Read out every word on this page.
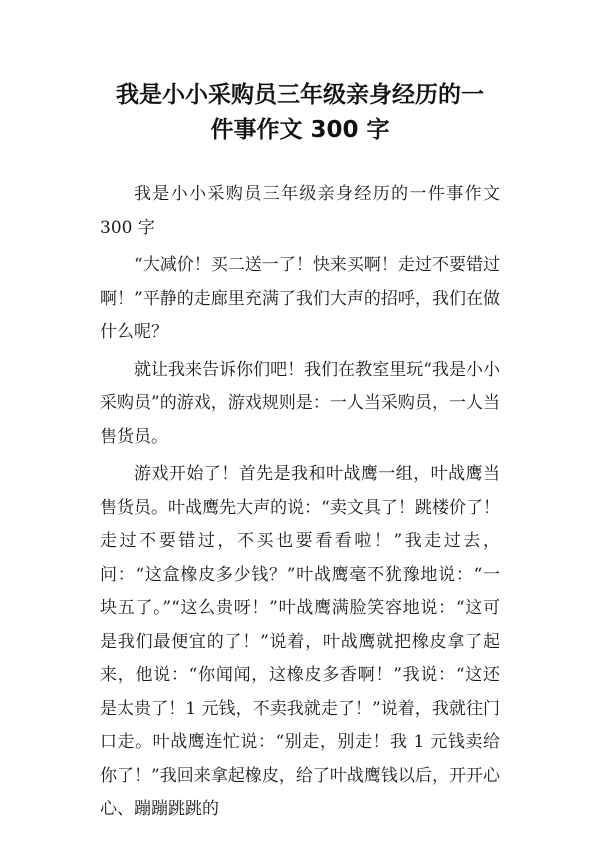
我是小小采购员三年级亲身经历的一
件事作文 300 字

我是小小采购员三年级亲身经历的一件事作文 300 字

“大减价！买二送一了！快来买啊！走过不要错过啊！”平静的走廊里充满了我们大声的招呼，我们在做什么呢？

就让我来告诉你们吧！我们在教室里玩“我是小小采购员”的游戏，游戏规则是：一人当采购员，一人当售货员。

游戏开始了！首先是我和叶战鹰一组，叶战鹰当售货员。叶战鹰先大声的说：“卖文具了！跳楼价了！走过不要错过，不买也要看看啦！”我走过去，问：“这盒橡皮多少钱？”叶战鹰毫不犹豫地说：“一块五了。”“这么贵呀！”叶战鹰满脸笑容地说：“这可是我们最便宜的了！”说着，叶战鹰就把橡皮拿了起来，他说：“你闻闻，这橡皮多香啊！”我说：“这还是太贵了！1 元钱，不卖我就走了！”说着，我就往门口走。叶战鹰连忙说：“别走，别走！我 1 元钱卖给你了！”我回来拿起橡皮，给了叶战鹰钱以后，开开心心、蹦蹦跳跳的
